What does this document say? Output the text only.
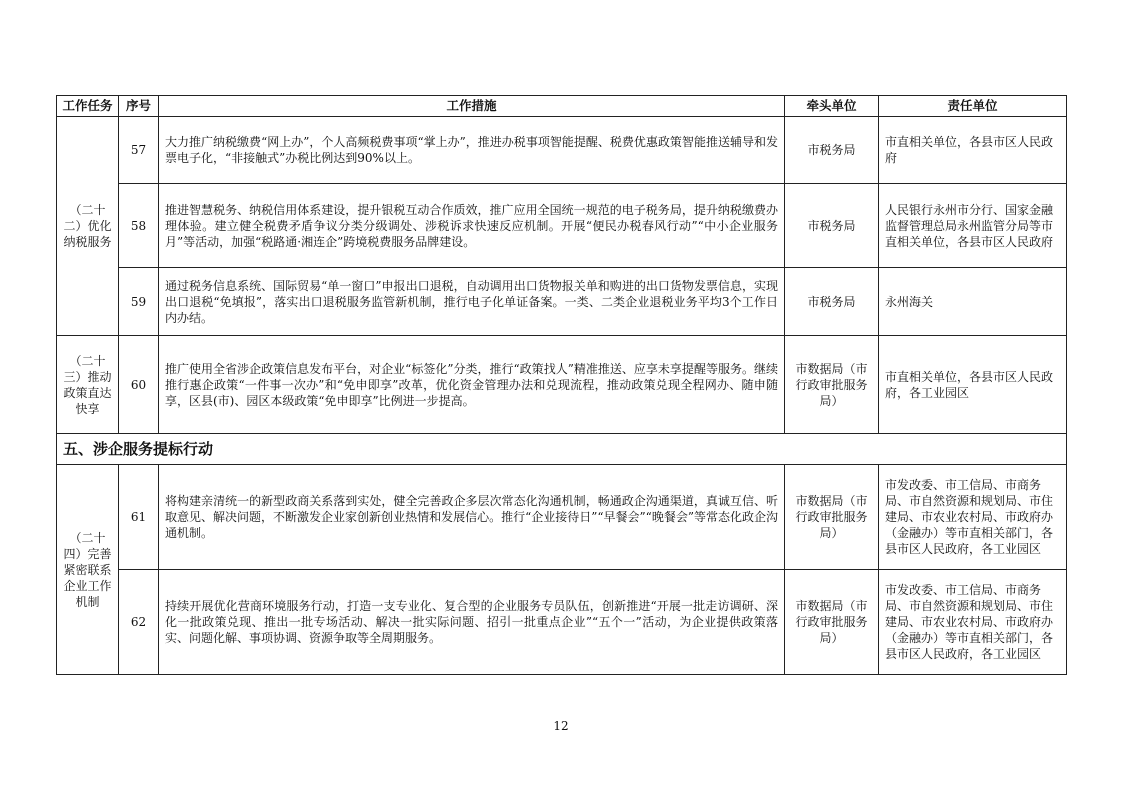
工作任务	序号	工作措施	牵头单位	责任单位
（二十二）优化纳税服务	57	大力推广纳税缴费“网上办”，个人高频税费事项“掌上办”，推进办税事项智能提醒、税费优惠政策智能推送辅导和发票电子化，“非接触式”办税比例达到90%以上。	市税务局	市直相关单位，各县市区人民政府
	58	推进智慧税务、纳税信用体系建设，提升银税互动合作质效，推广应用全国统一规范的电子税务局，提升纳税缴费办理体验。建立健全税费矛盾争议分类分级调处、涉税诉求快速反应机制。开展“便民办税春风行动”“中小企业服务月”等活动，加强“税路通·湘连企”跨境税费服务品牌建设。	市税务局	人民银行永州市分行、国家金融监督管理总局永州监管分局等市直相关单位，各县市区人民政府
	59	通过税务信息系统、国际贸易“单一窗口”申报出口退税，自动调用出口货物报关单和购进的出口货物发票信息，实现出口退税“免填报”，落实出口退税服务监管新机制，推行电子化单证备案。一类、二类企业退税业务平均3个工作日内办结。	市税务局	永州海关
（二十三）推动政策直达快享	60	推广使用全省涉企政策信息发布平台，对企业“标签化”分类，推行“政策找人”精准推送、应享未享提醒等服务。继续推行惠企政策“一件事一次办”和“免申即享”改革，优化资金管理办法和兑现流程，推动政策兑现全程网办、随申随享，区县(市)、园区本级政策“免申即享”比例进一步提高。	市数据局（市行政审批服务局）	市直相关单位，各县市区人民政府，各工业园区
五、涉企服务提标行动				
（二十四）完善紧密联系企业工作机制	61	将构建亲清统一的新型政商关系落到实处，健全完善政企多层次常态化沟通机制，畅通政企沟通渠道，真诚互信、听取意见、解决问题，不断激发企业家创新创业热情和发展信心。推行“企业接待日”“早餐会”“晚餐会”等常态化政企沟通机制。	市数据局（市行政审批服务局）	市发改委、市工信局、市商务局、市自然资源和规划局、市住建局、市农业农村局、市政府办（金融办）等市直相关部门，各县市区人民政府，各工业园区
	62	持续开展优化营商环境服务行动，打造一支专业化、复合型的企业服务专员队伍，创新推进“开展一批走访调研、深化一批政策兑现、推出一批专场活动、解决一批实际问题、招引一批重点企业”“五个一”活动，为企业提供政策落实、问题化解、事项协调、资源争取等全周期服务。	市数据局（市行政审批服务局）	市发改委、市工信局、市商务局、市自然资源和规划局、市住建局、市农业农村局、市政府办（金融办）等市直相关部门，各县市区人民政府，各工业园区
12
